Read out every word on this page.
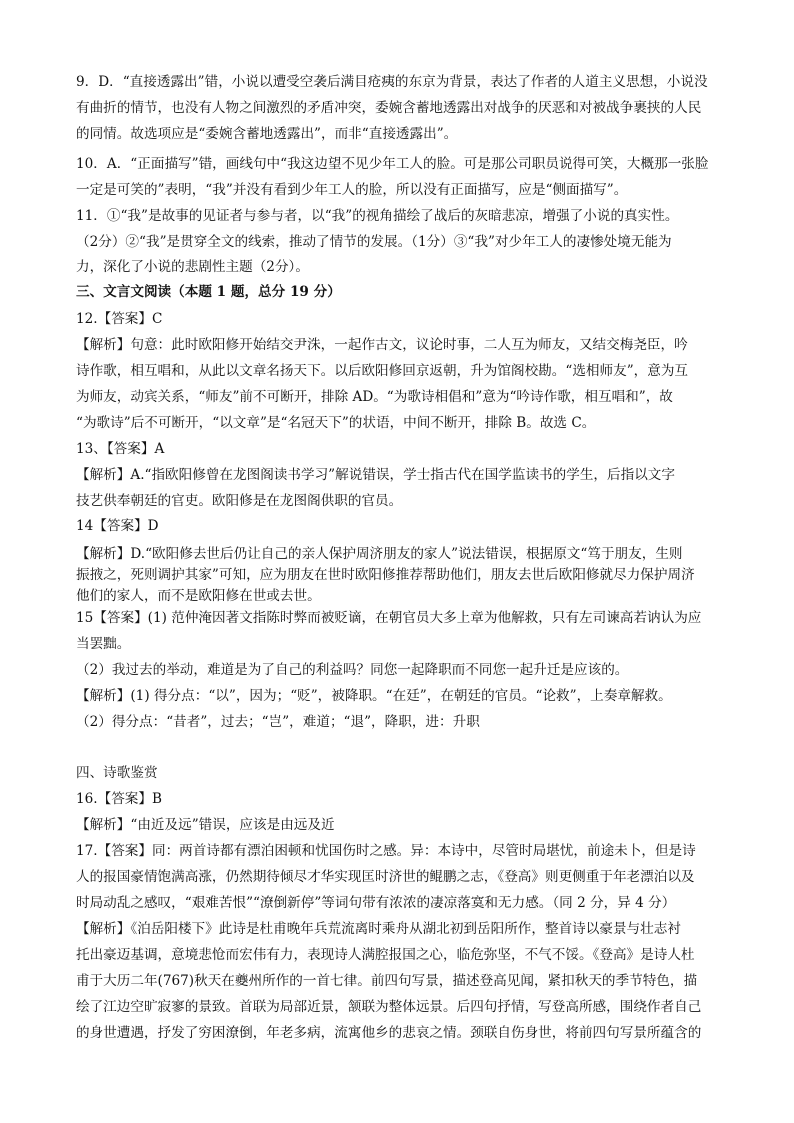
9．D．“直接透露出”错，小说以遭受空袭后满目疮痍的东京为背景，表达了作者的人道主义思想，小说没
有曲折的情节，也没有人物之间激烈的矛盾冲突，委婉含蓄地透露出对战争的厌恶和对被战争裹挟的人民
的同情。故选项应是“委婉含蓄地透露出”，而非“直接透露出”。
10．A．“正面描写”错，画线句中“我这边望不见少年工人的脸。可是那公司职员说得可笑，大概那一张脸
一定是可笑的”表明，“我”并没有看到少年工人的脸，所以没有正面描写，应是“侧面描写”。
11．①“我”是故事的见证者与参与者，以“我”的视角描绘了战后的灰暗悲凉，增强了小说的真实性。
（2分）②“我”是贯穿全文的线索，推动了情节的发展。（1分）③“我”对少年工人的凄惨处境无能为
力，深化了小说的悲剧性主题（2分）。
三、文言文阅读（本题 1 题，总分 19 分）
12.【答案】C
【解析】句意：此时欧阳修开始结交尹洙，一起作古文，议论时事，二人互为师友，又结交梅尧臣，吟
诗作歌，相互唱和，从此以文章名扬天下。以后欧阳修回京返朝，升为馆阁校勘。“选相师友”，意为互
为师友，动宾关系，“师友”前不可断开，排除 AD。“为歌诗相倡和”意为“吟诗作歌，相互唱和”，故
“为歌诗”后不可断开，“以文章”是“名冠天下”的状语，中间不断开，排除 B。故选 C。
13、【答案】A
【解析】A.“指欧阳修曾在龙图阁读书学习”解说错误，学士指古代在国学监读书的学生，后指以文字
技艺供奉朝廷的官吏。欧阳修是在龙图阁供职的官员。
14【答案】D
【解析】D.“欧阳修去世后仍让自己的亲人保护周济朋友的家人”说法错误，根据原文“笃于朋友，生则
振掖之，死则调护其家”可知，应为朋友在世时欧阳修推荐帮助他们，朋友去世后欧阳修就尽力保护周济
他们的家人，而不是欧阳修在世或去世。
15【答案】(1) 范仲淹因著文指陈时弊而被贬谪，在朝官员大多上章为他解救，只有左司谏高若讷认为应
当罢黜。
（2）我过去的举动，难道是为了自己的利益吗？同您一起降职而不同您一起升迁是应该的。
【解析】(1) 得分点：“以”，因为；“贬”，被降职。“在廷”，在朝廷的官员。“论救”，上奏章解救。
（2）得分点：“昔者”，过去；“岂”，难道；“退”，降职，进：升职
四、诗歌鉴赏
16.【答案】B
【解析】“由近及远”错误，应该是由远及近
17.【答案】同：两首诗都有漂泊困顿和忧国伤时之感。异：本诗中，尽管时局堪忧，前途未卜，但是诗
人的报国豪情饱满高涨，仍然期待倾尽才华实现匡时济世的鲲鹏之志，《登高》则更侧重于年老漂泊以及
时局动乱之感叹，“艰难苦恨”“潦倒新停”等词句带有浓浓的凄凉落寞和无力感。（同 2 分，异 4 分）
【解析】《泊岳阳楼下》此诗是杜甫晚年兵荒流离时乘舟从湖北初到岳阳所作，整首诗以豪景与壮志衬
托出豪迈基调，意境悲怆而宏伟有力，表现诗人满腔报国之心，临危弥坚，不气不馁。《登高》是诗人杜
甫于大历二年(767)秋天在夔州所作的一首七律。前四句写景，描述登高见闻，紧扣秋天的季节特色，描
绘了江边空旷寂寥的景致。首联为局部近景，颔联为整体远景。后四句抒情，写登高所感，围绕作者自己
的身世遭遇，抒发了穷困潦倒，年老多病，流寓他乡的悲哀之情。颈联自伤身世，将前四句写景所蕴含的
